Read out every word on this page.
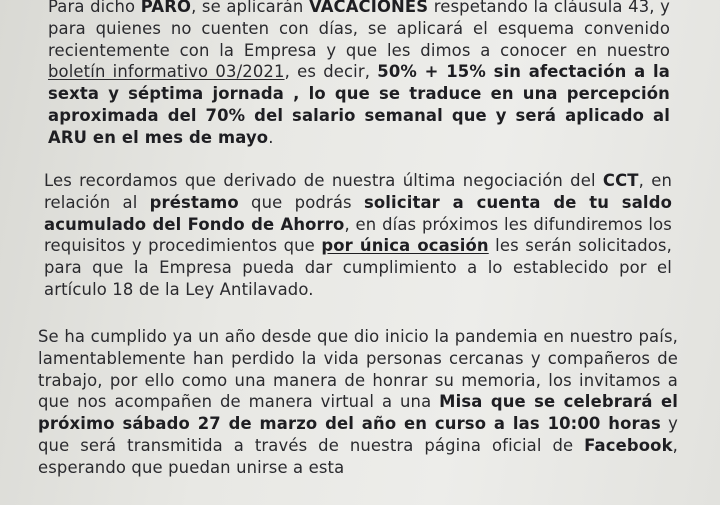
Para dicho PARO, se aplicarán VACACIONES respetando la cláusula 43, y para quienes no cuenten con días, se aplicará el esquema convenido recientemente con la Empresa y que les dimos a conocer en nuestro boletín informativo 03/2021, es decir, 50% + 15% sin afectación a la sexta y séptima jornada , lo que se traduce en una percepción aproximada del 70% del salario semanal que y será aplicado al ARU en el mes de mayo.

Les recordamos que derivado de nuestra última negociación del CCT, en relación al préstamo que podrás solicitar a cuenta de tu saldo acumulado del Fondo de Ahorro, en días próximos les difundiremos los requisitos y procedimientos que por única ocasión les serán solicitados, para que la Empresa pueda dar cumplimiento a lo establecido por el artículo 18 de la Ley Antilavado.

Se ha cumplido ya un año desde que dio inicio la pandemia en nuestro país, lamentablemente han perdido la vida personas cercanas y compañeros de trabajo, por ello como una manera de honrar su memoria, los invitamos a que nos acompañen de manera virtual a una Misa que se celebrará el próximo sábado 27 de marzo del año en curso a las 10:00 horas y que será transmitida a través de nuestra página oficial de Facebook, esperando que puedan unirse a esta
